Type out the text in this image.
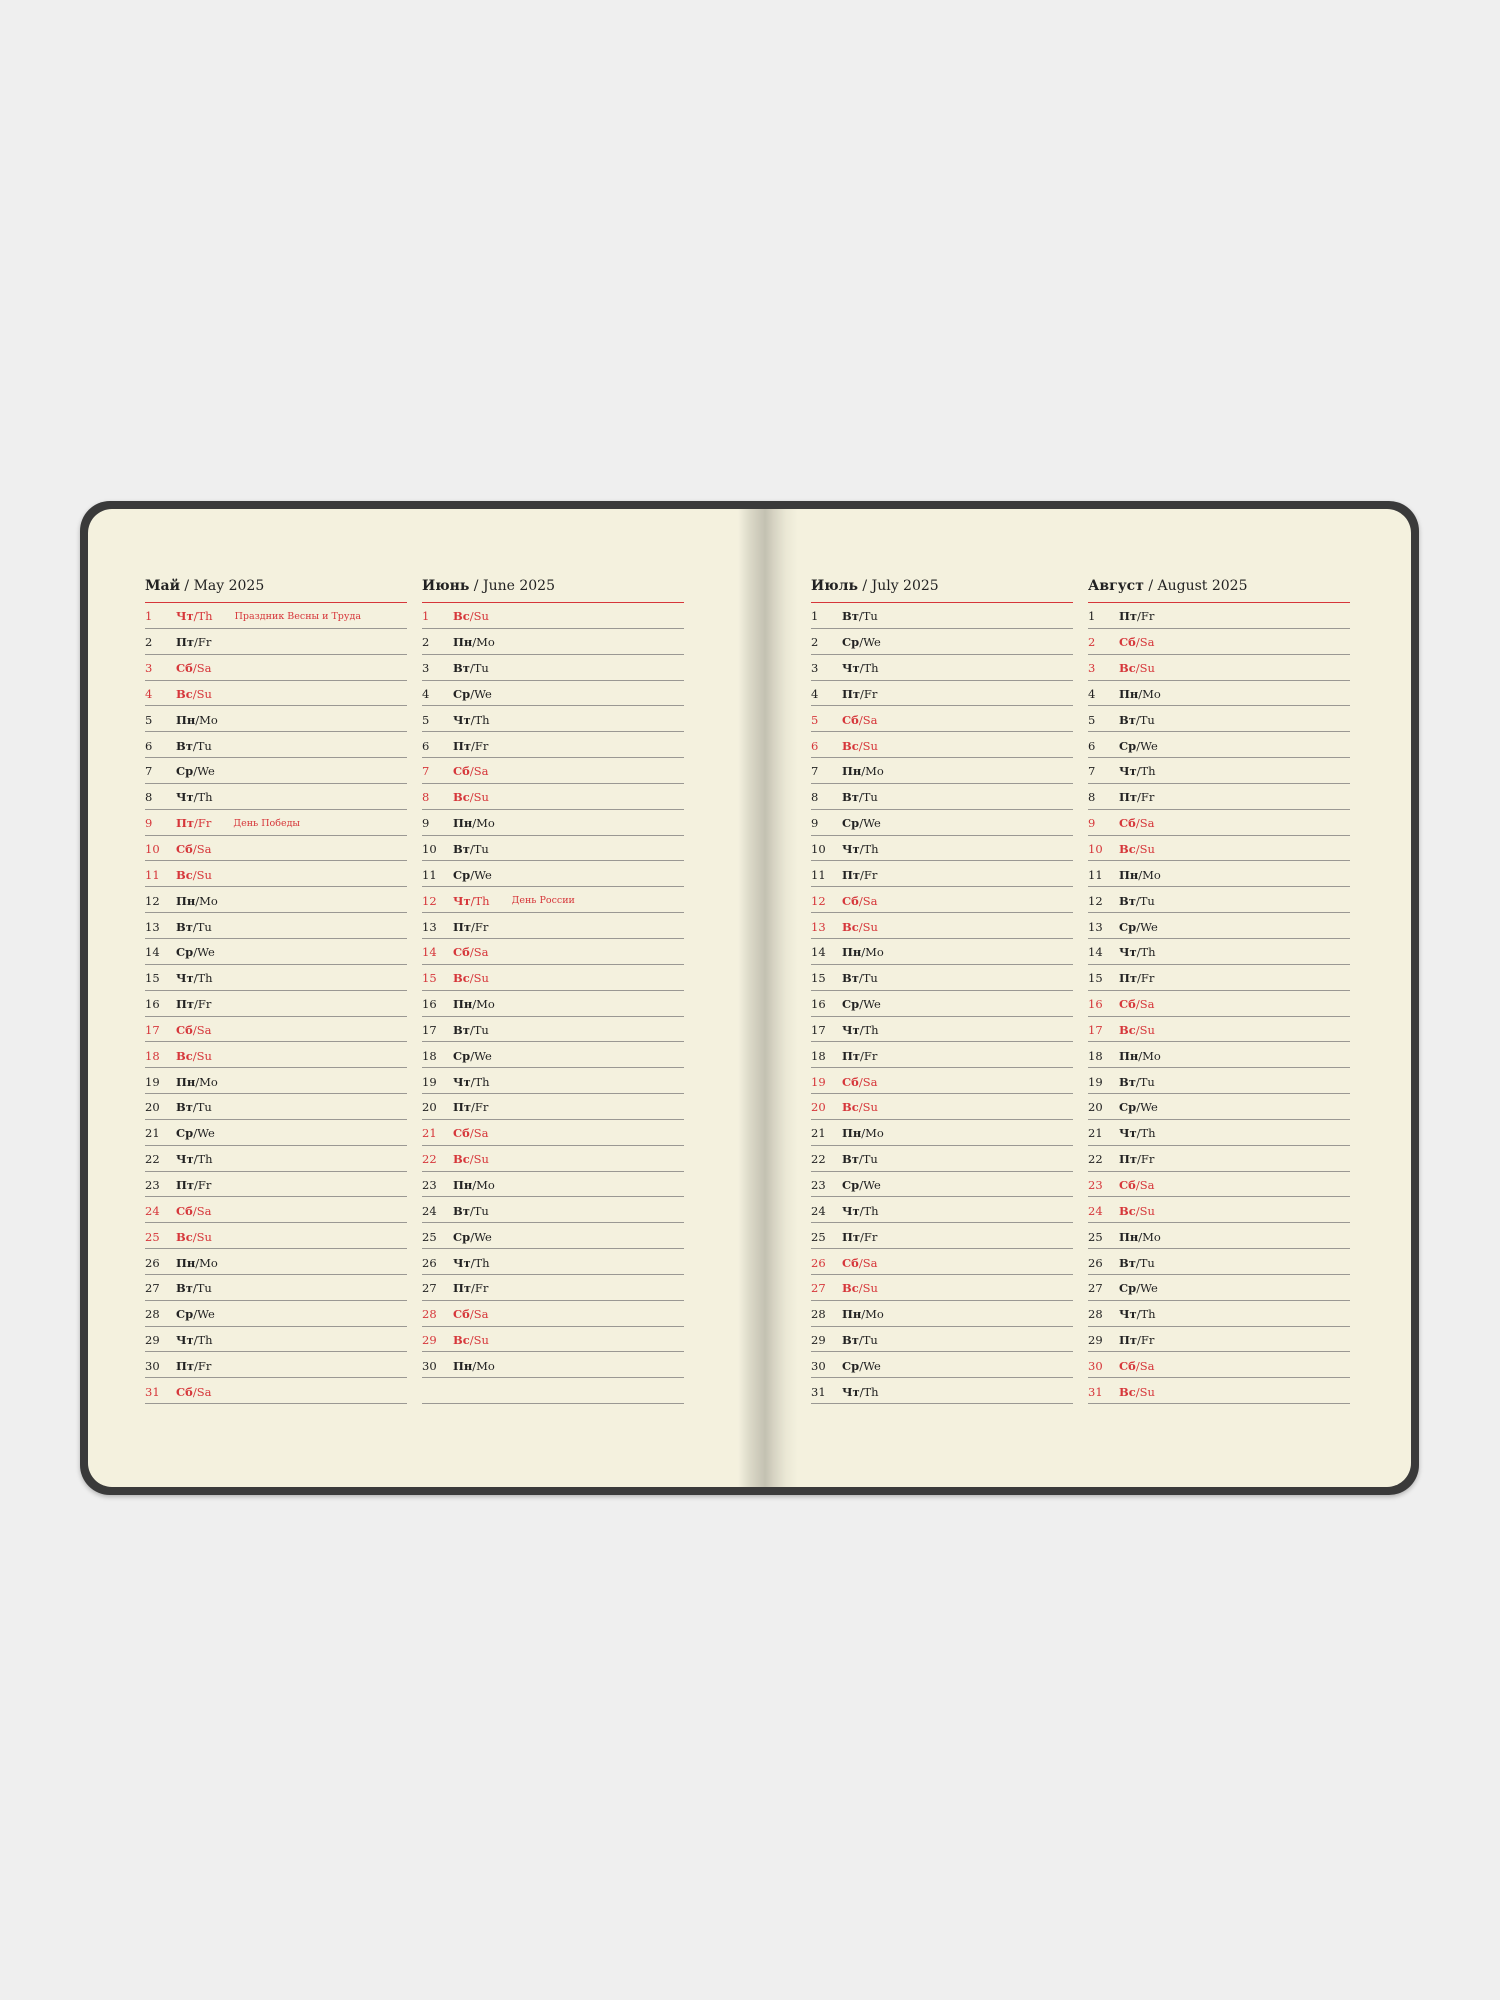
Май / May 2025
1	Чт/Th Праздник Весны и Труда
2	Пт/Fr
3	Сб/Sa
4	Вс/Su
5	Пн/Mo
6	Вт/Tu
7	Ср/We
8	Чт/Th
9	Пт/Fr День Победы
10	Сб/Sa
11	Вс/Su
12	Пн/Mo
13	Вт/Tu
14	Ср/We
15	Чт/Th
16	Пт/Fr
17	Сб/Sa
18	Вс/Su
19	Пн/Mo
20	Вт/Tu
21	Ср/We
22	Чт/Th
23	Пт/Fr
24	Сб/Sa
25	Вс/Su
26	Пн/Mo
27	Вт/Tu
28	Ср/We
29	Чт/Th
30	Пт/Fr
31	Сб/Sa
Июнь / June 2025
1	Вс/Su
2	Пн/Mo
3	Вт/Tu
4	Ср/We
5	Чт/Th
6	Пт/Fr
7	Сб/Sa
8	Вс/Su
9	Пн/Mo
10	Вт/Tu
11	Ср/We
12	Чт/Th День России
13	Пт/Fr
14	Сб/Sa
15	Вс/Su
16	Пн/Mo
17	Вт/Tu
18	Ср/We
19	Чт/Th
20	Пт/Fr
21	Сб/Sa
22	Вс/Su
23	Пн/Mo
24	Вт/Tu
25	Ср/We
26	Чт/Th
27	Пт/Fr
28	Сб/Sa
29	Вс/Su
30	Пн/Mo
Июль / July 2025
1	Вт/Tu
2	Ср/We
3	Чт/Th
4	Пт/Fr
5	Сб/Sa
6	Вс/Su
7	Пн/Mo
8	Вт/Tu
9	Ср/We
10	Чт/Th
11	Пт/Fr
12	Сб/Sa
13	Вс/Su
14	Пн/Mo
15	Вт/Tu
16	Ср/We
17	Чт/Th
18	Пт/Fr
19	Сб/Sa
20	Вс/Su
21	Пн/Mo
22	Вт/Tu
23	Ср/We
24	Чт/Th
25	Пт/Fr
26	Сб/Sa
27	Вс/Su
28	Пн/Mo
29	Вт/Tu
30	Ср/We
31	Чт/Th
Август / August 2025
1	Пт/Fr
2	Сб/Sa
3	Вс/Su
4	Пн/Mo
5	Вт/Tu
6	Ср/We
7	Чт/Th
8	Пт/Fr
9	Сб/Sa
10	Вс/Su
11	Пн/Mo
12	Вт/Tu
13	Ср/We
14	Чт/Th
15	Пт/Fr
16	Сб/Sa
17	Вс/Su
18	Пн/Mo
19	Вт/Tu
20	Ср/We
21	Чт/Th
22	Пт/Fr
23	Сб/Sa
24	Вс/Su
25	Пн/Mo
26	Вт/Tu
27	Ср/We
28	Чт/Th
29	Пт/Fr
30	Сб/Sa
31	Вс/Su
